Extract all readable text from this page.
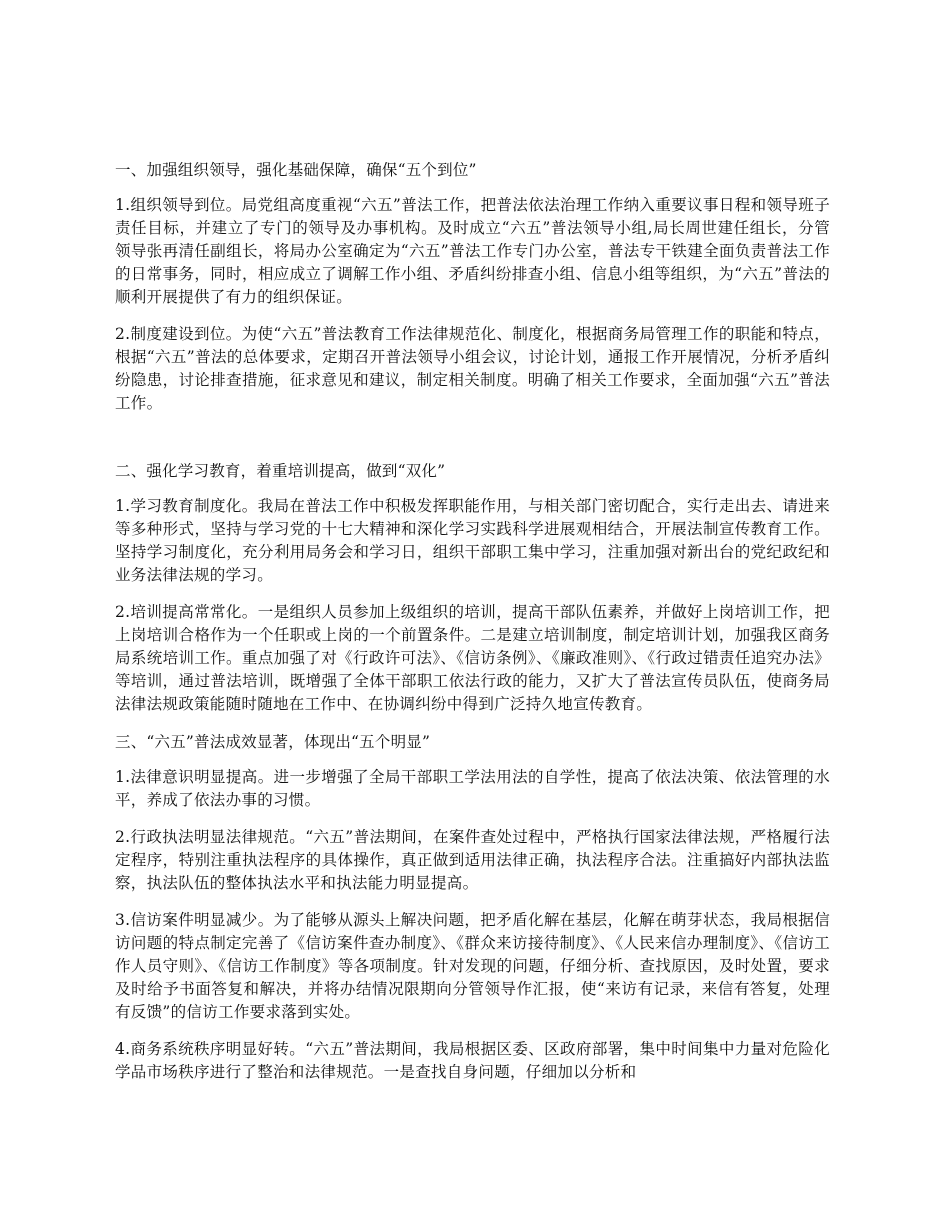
一、加强组织领导，强化基础保障，确保“五个到位”

1.组织领导到位。局党组高度重视“六五”普法工作，把普法依法治理工作纳入重要议事日程和领导班子责任目标，并建立了专门的领导及办事机构。及时成立“六五”普法领导小组,局长周世建任组长，分管领导张再清任副组长，将局办公室确定为“六五”普法工作专门办公室，普法专干铁建全面负责普法工作的日常事务，同时，相应成立了调解工作小组、矛盾纠纷排查小组、信息小组等组织，为“六五”普法的顺利开展提供了有力的组织保证。

2.制度建设到位。为使“六五”普法教育工作法律规范化、制度化，根据商务局管理工作的职能和特点，根据“六五”普法的总体要求，定期召开普法领导小组会议，讨论计划，通报工作开展情况，分析矛盾纠纷隐患，讨论排查措施，征求意见和建议，制定相关制度。明确了相关工作要求，全面加强“六五”普法工作。

二、强化学习教育，着重培训提高，做到“双化”

1.学习教育制度化。我局在普法工作中积极发挥职能作用，与相关部门密切配合，实行走出去、请进来等多种形式，坚持与学习党的十七大精神和深化学习实践科学进展观相结合，开展法制宣传教育工作。坚持学习制度化，充分利用局务会和学习日，组织干部职工集中学习，注重加强对新出台的党纪政纪和业务法律法规的学习。

2.培训提高常常化。一是组织人员参加上级组织的培训，提高干部队伍素养，并做好上岗培训工作，把上岗培训合格作为一个任职或上岗的一个前置条件。二是建立培训制度，制定培训计划，加强我区商务局系统培训工作。重点加强了对《行政许可法》、《信访条例》、《廉政准则》、《行政过错责任追究办法》等培训，通过普法培训，既增强了全体干部职工依法行政的能力，又扩大了普法宣传员队伍，使商务局法律法规政策能随时随地在工作中、在协调纠纷中得到广泛持久地宣传教育。

三、“六五”普法成效显著，体现出“五个明显”

1.法律意识明显提高。进一步增强了全局干部职工学法用法的自学性，提高了依法决策、依法管理的水平，养成了依法办事的习惯。

2.行政执法明显法律规范。“六五”普法期间，在案件查处过程中，严格执行国家法律法规，严格履行法定程序，特别注重执法程序的具体操作，真正做到适用法律正确，执法程序合法。注重搞好内部执法监察，执法队伍的整体执法水平和执法能力明显提高。

3.信访案件明显减少。为了能够从源头上解决问题，把矛盾化解在基层，化解在萌芽状态，我局根据信访问题的特点制定完善了《信访案件查办制度》、《群众来访接待制度》、《人民来信办理制度》、《信访工作人员守则》、《信访工作制度》等各项制度。针对发现的问题，仔细分析、查找原因，及时处置，要求及时给予书面答复和解决，并将办结情况限期向分管领导作汇报，使“来访有记录，来信有答复，处理有反馈”的信访工作要求落到实处。

4.商务系统秩序明显好转。“六五”普法期间，我局根据区委、区政府部署，集中时间集中力量对危险化学品市场秩序进行了整治和法律规范。一是查找自身问题，仔细加以分析和
